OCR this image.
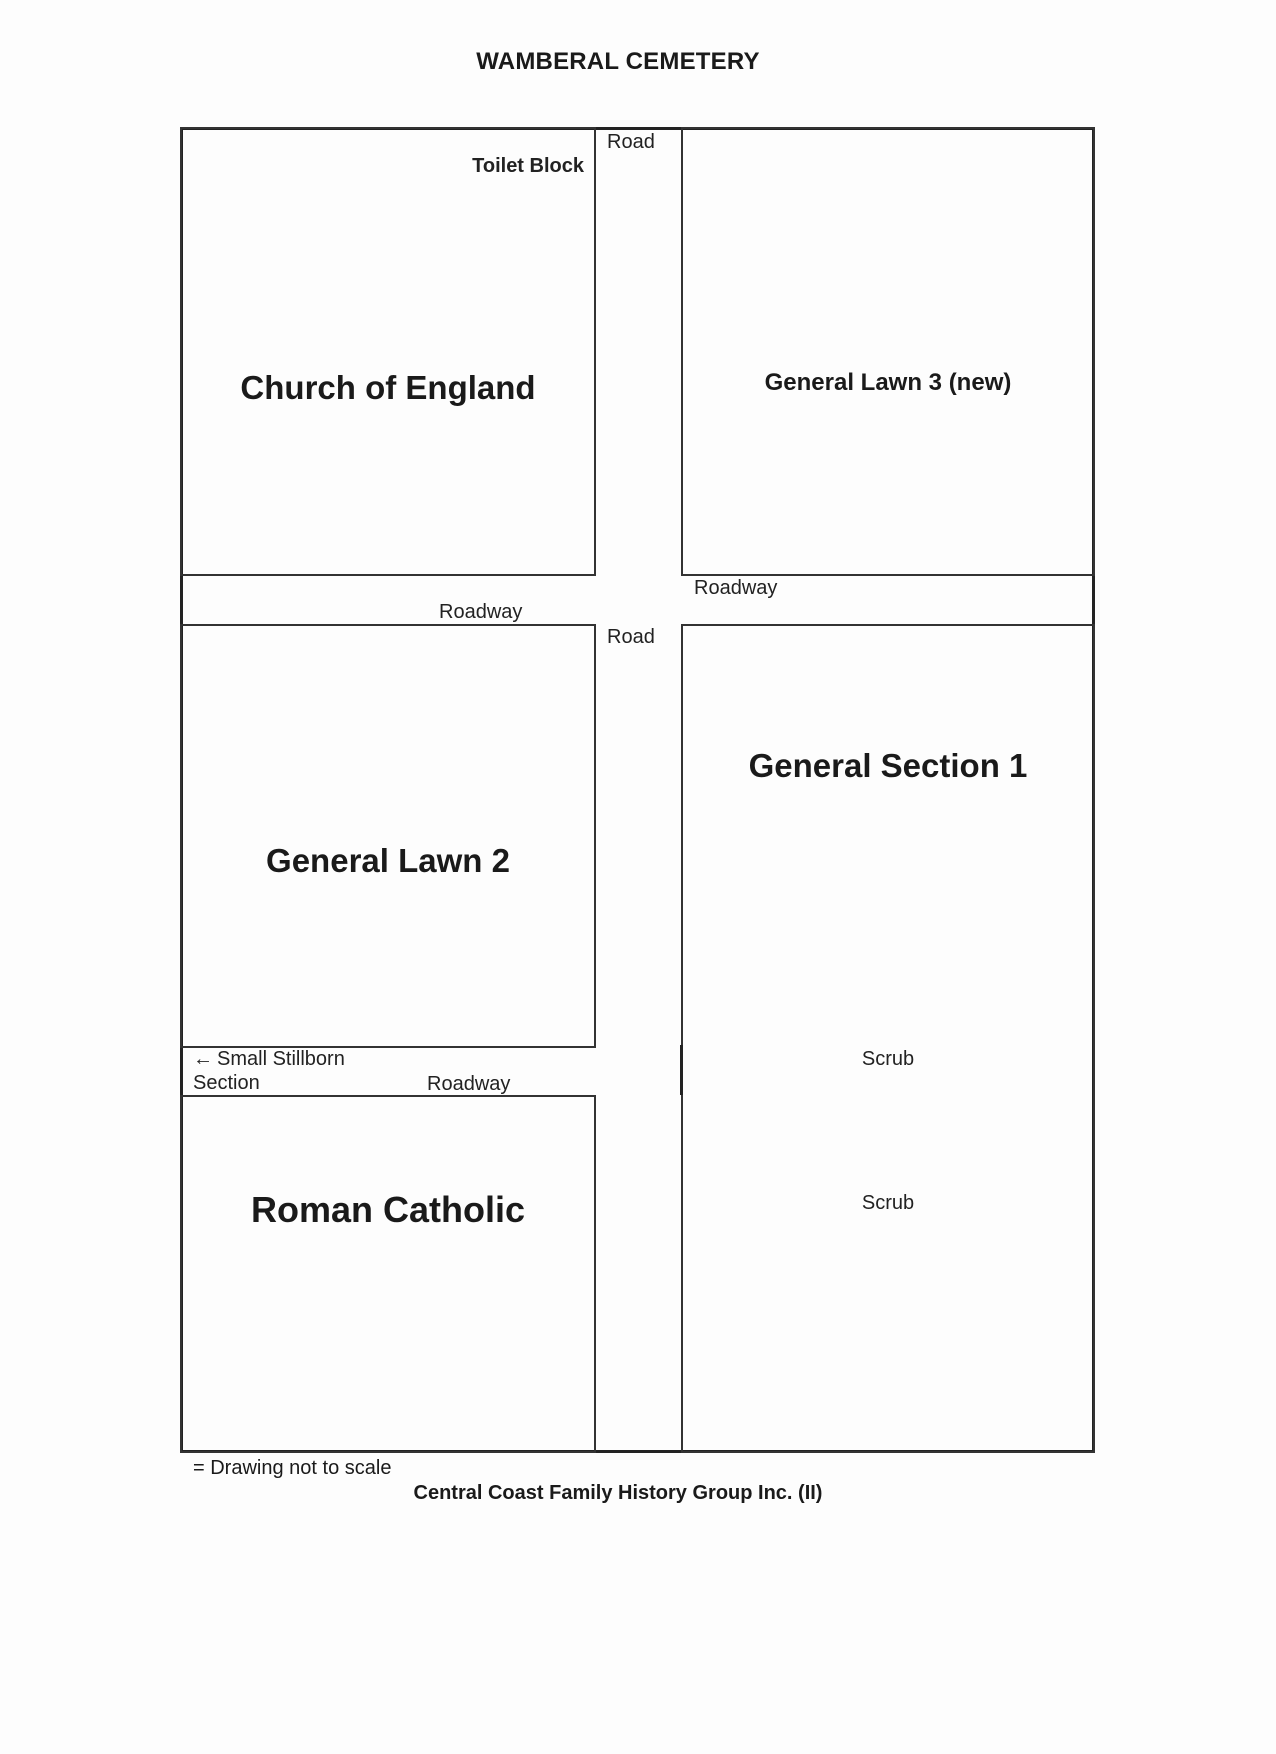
WAMBERAL CEMETERY
Toilet Block
Church of England	General Lawn 3 (new)
General Lawn 2
General Section 1
Scrub
Scrub
Roman Catholic
Road
Road
Roadway
Roadway
Roadway
← Small Stillborn
Section
= Drawing not to scale
Central Coast Family History Group Inc. (II)
